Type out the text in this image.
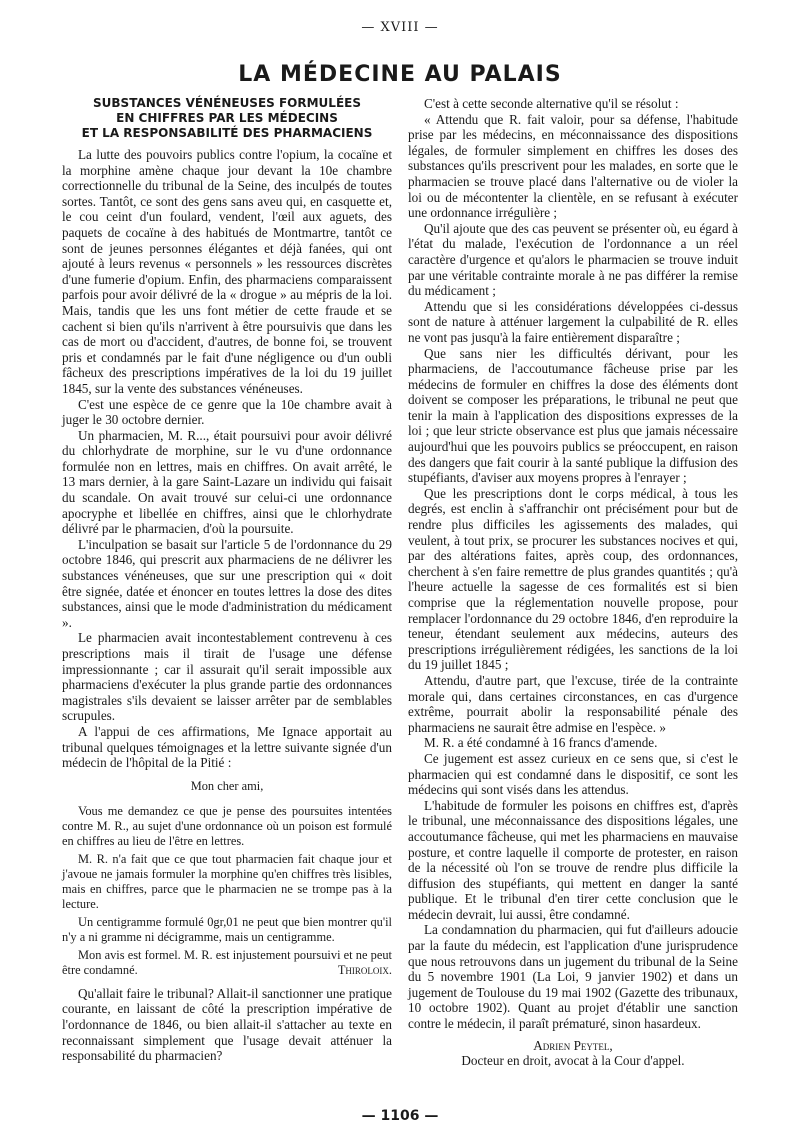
— XVIII —
LA MÉDECINE AU PALAIS
SUBSTANCES VÉNÉNEUSES FORMULÉES
EN CHIFFRES PAR LES MÉDECINS
ET LA RESPONSABILITÉ DES PHARMACIENS

La lutte des pouvoirs publics contre l'opium, la cocaïne et la morphine amène chaque jour devant la 10e chambre correctionnelle du tribunal de la Seine, des inculpés de toutes sortes. Tantôt, ce sont des gens sans aveu qui, en casquette et, le cou ceint d'un foulard, vendent, l'œil aux aguets, des paquets de cocaïne à des habitués de Montmartre, tantôt ce sont de jeunes personnes élégantes et déjà fanées, qui ont ajouté à leurs revenus « personnels » les ressources discrètes d'une fumerie d'opium. Enfin, des pharmaciens comparaissent parfois pour avoir délivré de la « drogue » au mépris de la loi. Mais, tandis que les uns font métier de cette fraude et se cachent si bien qu'ils n'arrivent à être poursuivis que dans les cas de mort ou d'accident, d'autres, de bonne foi, se trouvent pris et condamnés par le fait d'une négligence ou d'un oubli fâcheux des prescriptions impératives de la loi du 19 juillet 1845, sur la vente des substances vénéneuses.

C'est une espèce de ce genre que la 10e chambre avait à juger le 30 octobre dernier.

Un pharmacien, M. R..., était poursuivi pour avoir délivré du chlorhydrate de morphine, sur le vu d'une ordonnance formulée non en lettres, mais en chiffres. On avait arrêté, le 13 mars dernier, à la gare Saint-Lazare un individu qui faisait du scandale. On avait trouvé sur celui-ci une ordonnance apocryphe et libellée en chiffres, ainsi que le chlorhydrate délivré par le pharmacien, d'où la poursuite.

L'inculpation se basait sur l'article 5 de l'ordonnance du 29 octobre 1846, qui prescrit aux pharmaciens de ne délivrer les substances vénéneuses, que sur une prescription qui « doit être signée, datée et énoncer en toutes lettres la dose des dites substances, ainsi que le mode d'administration du médicament ».

Le pharmacien avait incontestablement contrevenu à ces prescriptions mais il tirait de l'usage une défense impressionnante ; car il assurait qu'il serait impossible aux pharmaciens d'exécuter la plus grande partie des ordonnances magistrales s'ils devaient se laisser arrêter par de semblables scrupules.

A l'appui de ces affirmations, Me Ignace apportait au tribunal quelques témoignages et la lettre suivante signée d'un médecin de l'hôpital de la Pitié :

Mon cher ami,

Vous me demandez ce que je pense des poursuites intentées contre M. R., au sujet d'une ordonnance où un poison est formulé en chiffres au lieu de l'être en lettres.

M. R. n'a fait que ce que tout pharmacien fait chaque jour et j'avoue ne jamais formuler la morphine qu'en chiffres très lisibles, mais en chiffres, parce que le pharmacien ne se trompe pas à la lecture.

Un centigramme formulé 0gr,01 ne peut que bien montrer qu'il n'y a ni gramme ni décigramme, mais un centigramme.

Mon avis est formel. M. R. est injustement poursuivi et ne peut être condamné.	Thiroloix.

Qu'allait faire le tribunal? Allait-il sanctionner une pratique courante, en laissant de côté la prescription impérative de l'ordonnance de 1846, ou bien allait-il s'attacher au texte en reconnaissant simplement que l'usage devait atténuer la responsabilité du pharmacien?

C'est à cette seconde alternative qu'il se résolut :

« Attendu que R. fait valoir, pour sa défense, l'habitude prise par les médecins, en méconnaissance des dispositions légales, de formuler simplement en chiffres les doses des substances qu'ils prescrivent pour les malades, en sorte que le pharmacien se trouve placé dans l'alternative ou de violer la loi ou de mécontenter la clientèle, en se refusant à exécuter une ordonnance irrégulière ;

Qu'il ajoute que des cas peuvent se présenter où, eu égard à l'état du malade, l'exécution de l'ordonnance a un réel caractère d'urgence et qu'alors le pharmacien se trouve induit par une véritable contrainte morale à ne pas différer la remise du médicament ;

Attendu que si les considérations développées ci-dessus sont de nature à atténuer largement la culpabilité de R. elles ne vont pas jusqu'à la faire entièrement disparaître ;

Que sans nier les difficultés dérivant, pour les pharmaciens, de l'accoutumance fâcheuse prise par les médecins de formuler en chiffres la dose des éléments dont doivent se composer les préparations, le tribunal ne peut que tenir la main à l'application des dispositions expresses de la loi ; que leur stricte observance est plus que jamais nécessaire aujourd'hui que les pouvoirs publics se préoccupent, en raison des dangers que fait courir à la santé publique la diffusion des stupéfiants, d'aviser aux moyens propres à l'enrayer ;

Que les prescriptions dont le corps médical, à tous les degrés, est enclin à s'affranchir ont précisément pour but de rendre plus difficiles les agissements des malades, qui veulent, à tout prix, se procurer les substances nocives et qui, par des altérations faites, après coup, des ordonnances, cherchent à s'en faire remettre de plus grandes quantités ; qu'à l'heure actuelle la sagesse de ces formalités est si bien comprise que la réglementation nouvelle propose, pour remplacer l'ordonnance du 29 octobre 1846, d'en reproduire la teneur, étendant seulement aux médecins, auteurs des prescriptions irrégulièrement rédigées, les sanctions de la loi du 19 juillet 1845 ;

Attendu, d'autre part, que l'excuse, tirée de la contrainte morale qui, dans certaines circonstances, en cas d'urgence extrême, pourrait abolir la responsabilité pénale des pharmaciens ne saurait être admise en l'espèce. »

M. R. a été condamné à 16 francs d'amende.

Ce jugement est assez curieux en ce sens que, si c'est le pharmacien qui est condamné dans le dispositif, ce sont les médecins qui sont visés dans les attendus.

L'habitude de formuler les poisons en chiffres est, d'après le tribunal, une méconnaissance des dispositions légales, une accoutumance fâcheuse, qui met les pharmaciens en mauvaise posture, et contre laquelle il comporte de protester, en raison de la nécessité où l'on se trouve de rendre plus difficile la diffusion des stupéfiants, qui mettent en danger la santé publique. Et le tribunal d'en tirer cette conclusion que le médecin devrait, lui aussi, être condamné.

La condamnation du pharmacien, qui fut d'ailleurs adoucie par la faute du médecin, est l'application d'une jurisprudence que nous retrouvons dans un jugement du tribunal de la Seine du 5 novembre 1901 (La Loi, 9 janvier 1902) et dans un jugement de Toulouse du 19 mai 1902 (Gazette des tribunaux, 10 octobre 1902). Quant au projet d'établir une sanction contre le médecin, il paraît prématuré, sinon hasardeux.

Adrien Peytel,
Docteur en droit, avocat à la Cour d'appel.
— 1106 —
